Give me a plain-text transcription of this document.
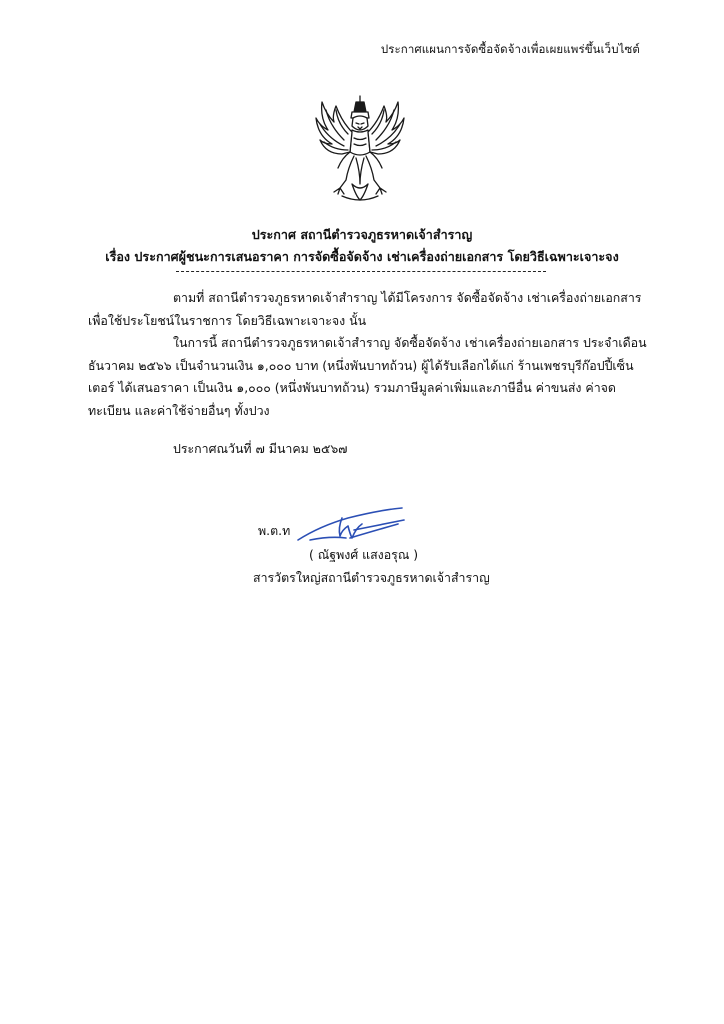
ประกาศแผนการจัดซื้อจัดจ้างเพื่อเผยแพร่ขึ้นเว็บไซต์
ประกาศ สถานีตำรวจภูธรหาดเจ้าสำราญ
เรื่อง ประกาศผู้ชนะการเสนอราคา การจัดซื้อจัดจ้าง เช่าเครื่องถ่ายเอกสาร โดยวิธีเฉพาะเจาะจง
ตามที่ สถานีตำรวจภูธรหาดเจ้าสำราญ ได้มีโครงการ จัดซื้อจัดจ้าง เช่าเครื่องถ่ายเอกสาร
เพื่อใช้ประโยชน์ในราชการ โดยวิธีเฉพาะเจาะจง นั้น
ในการนี้ สถานีตำรวจภูธรหาดเจ้าสำราญ จัดซื้อจัดจ้าง เช่าเครื่องถ่ายเอกสาร ประจำเดือน
ธันวาคม ๒๕๖๖ เป็นจำนวนเงิน ๑,๐๐๐ บาท (หนึ่งพันบาทถ้วน) ผู้ได้รับเลือกได้แก่ ร้านเพชรบุรีก๊อปปี้เซ็น
เตอร์ ได้เสนอราคา เป็นเงิน ๑,๐๐๐ (หนึ่งพันบาทถ้วน) รวมภาษีมูลค่าเพิ่มและภาษีอื่น ค่าขนส่ง ค่าจด
ทะเบียน และค่าใช้จ่ายอื่นๆ ทั้งปวง
ประกาศณวันที่ ๗ มีนาคม ๒๕๖๗
พ.ต.ท
( ณัฐพงศ์ แสงอรุณ )
สารวัตรใหญ่สถานีตำรวจภูธรหาดเจ้าสำราญ
